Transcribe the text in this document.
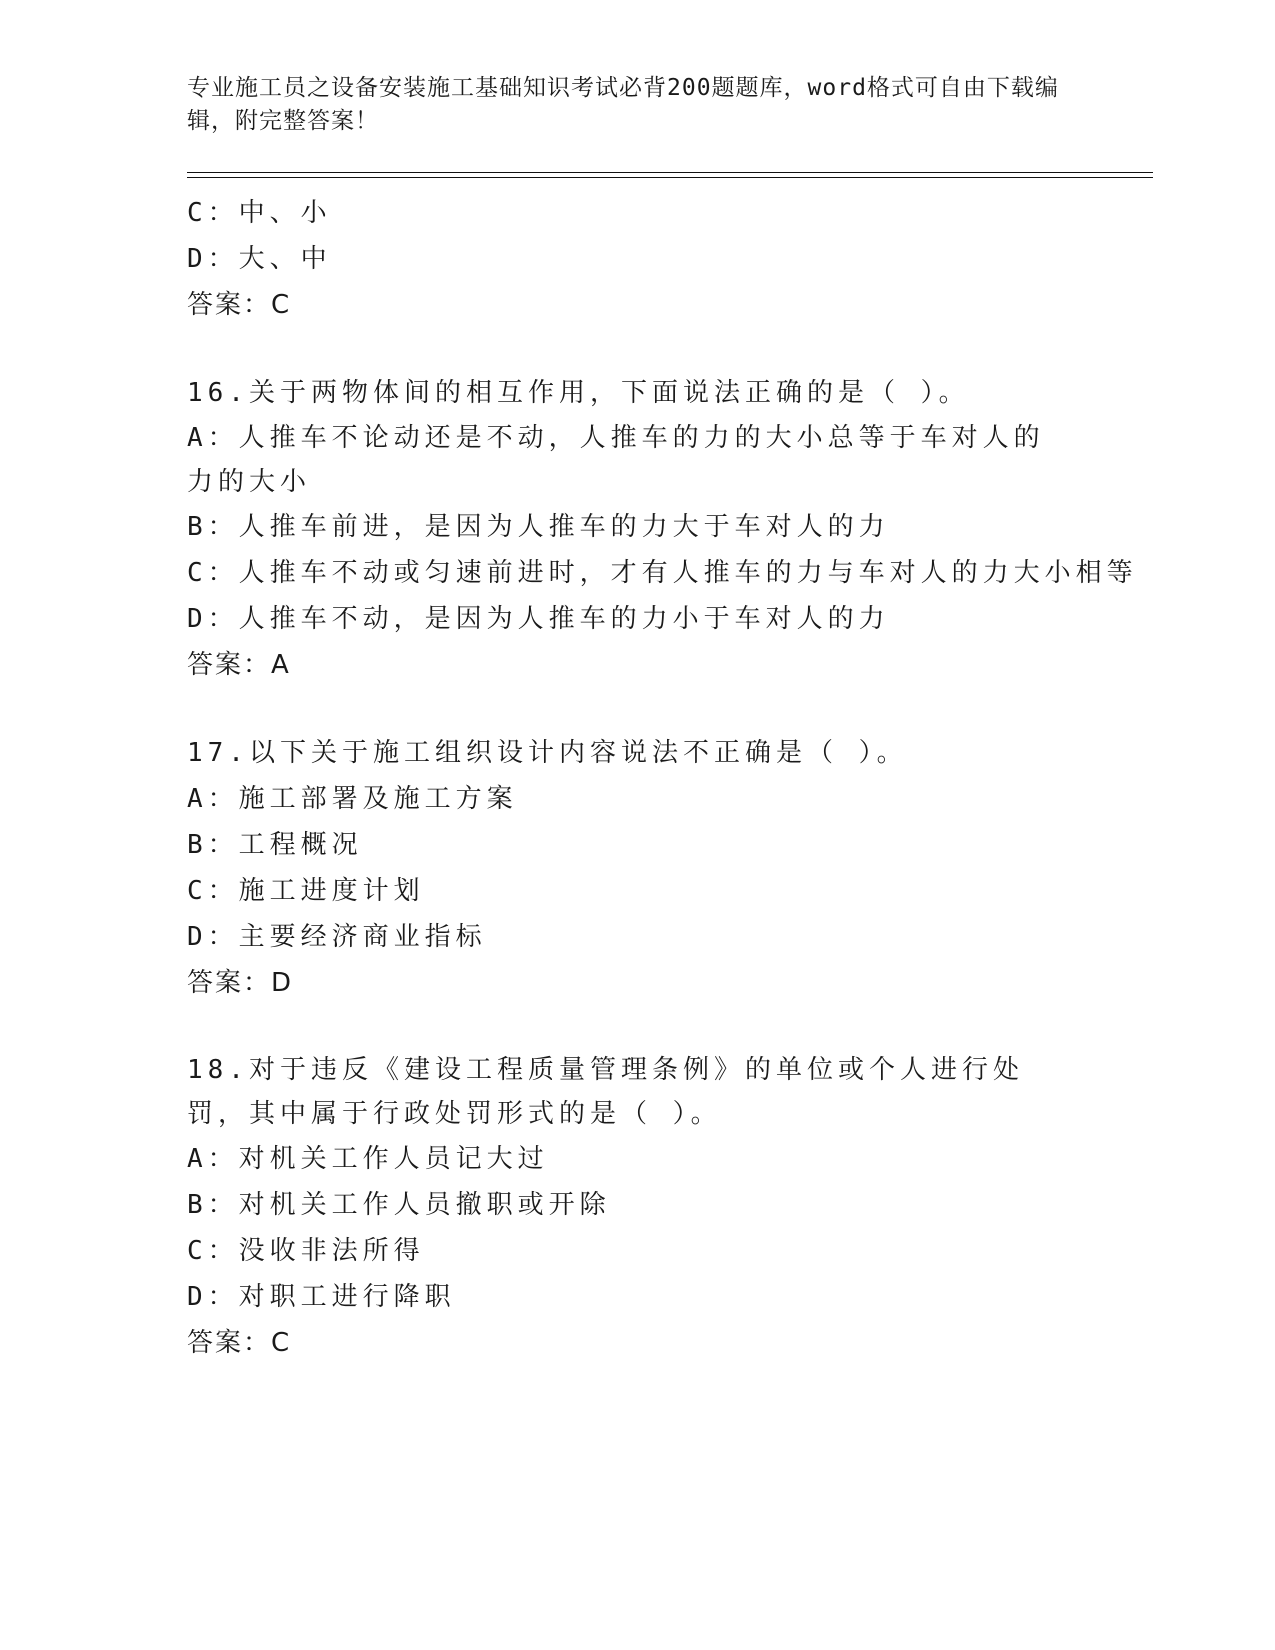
专业施工员之设备安装施工基础知识考试必背200题题库，word格式可自由下载编辑，附完整答案！
C：中、小
D：大、中
答案：C
16.关于两物体间的相互作用，下面说法正确的是（ ）。
A：人推车不论动还是不动，人推车的力的大小总等于车对人的力的大小
B：人推车前进，是因为人推车的力大于车对人的力
C：人推车不动或匀速前进时，才有人推车的力与车对人的力大小相等
D：人推车不动，是因为人推车的力小于车对人的力
答案：A
17.以下关于施工组织设计内容说法不正确是（ ）。
A：施工部署及施工方案
B：工程概况
C：施工进度计划
D：主要经济商业指标
答案：D
18.对于违反《建设工程质量管理条例》的单位或个人进行处罚，其中属于行政处罚形式的是（ ）。
A：对机关工作人员记大过
B：对机关工作人员撤职或开除
C：没收非法所得
D：对职工进行降职
答案：C
